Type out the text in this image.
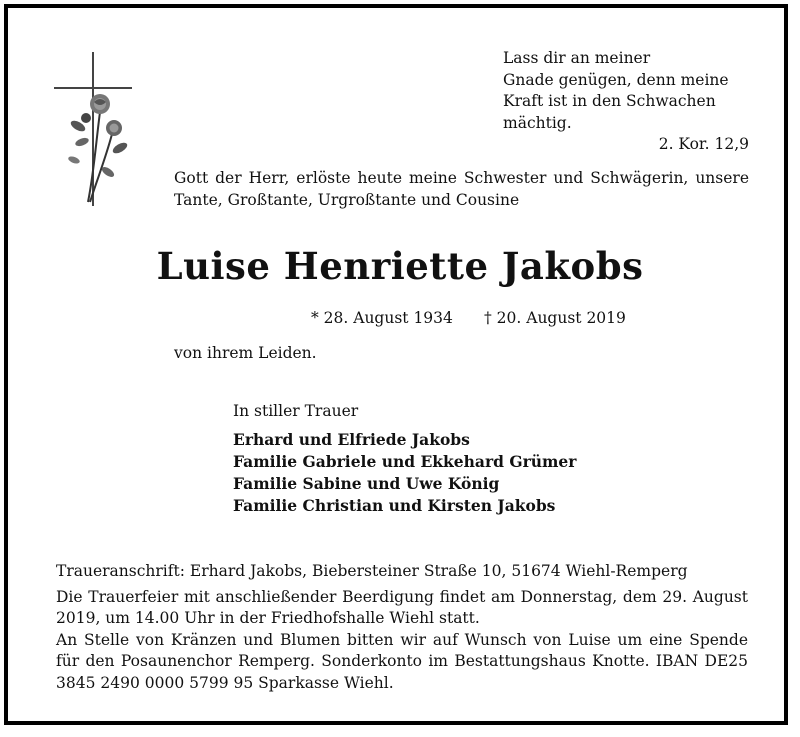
Lass dir an meiner
Gnade genügen, denn meine
Kraft ist in den Schwachen mächtig.
2. Kor. 12,9
Gott der Herr, erlöste heute meine Schwester und Schwägerin, unsere Tante, Großtante, Urgroßtante und Cousine
Luise Henriette Jakobs
* 28. August 1934 † 20. August 2019
von ihrem Leiden.
In stiller Trauer
Erhard und Elfriede Jakobs
Familie Gabriele und Ekkehard Grümer
Familie Sabine und Uwe König
Familie Christian und Kirsten Jakobs

Traueranschrift: Erhard Jakobs, Biebersteiner Straße 10, 51674 Wiehl-Remperg

Die Trauerfeier mit anschließender Beerdigung findet am Donnerstag, dem 29. August 2019, um 14.00 Uhr in der Friedhofshalle Wiehl statt.

An Stelle von Kränzen und Blumen bitten wir auf Wunsch von Luise um eine Spende für den Posaunenchor Remperg. Sonderkonto im Bestattungshaus Knotte. IBAN DE25 3845 2490 0000 5799 95 Sparkasse Wiehl.
